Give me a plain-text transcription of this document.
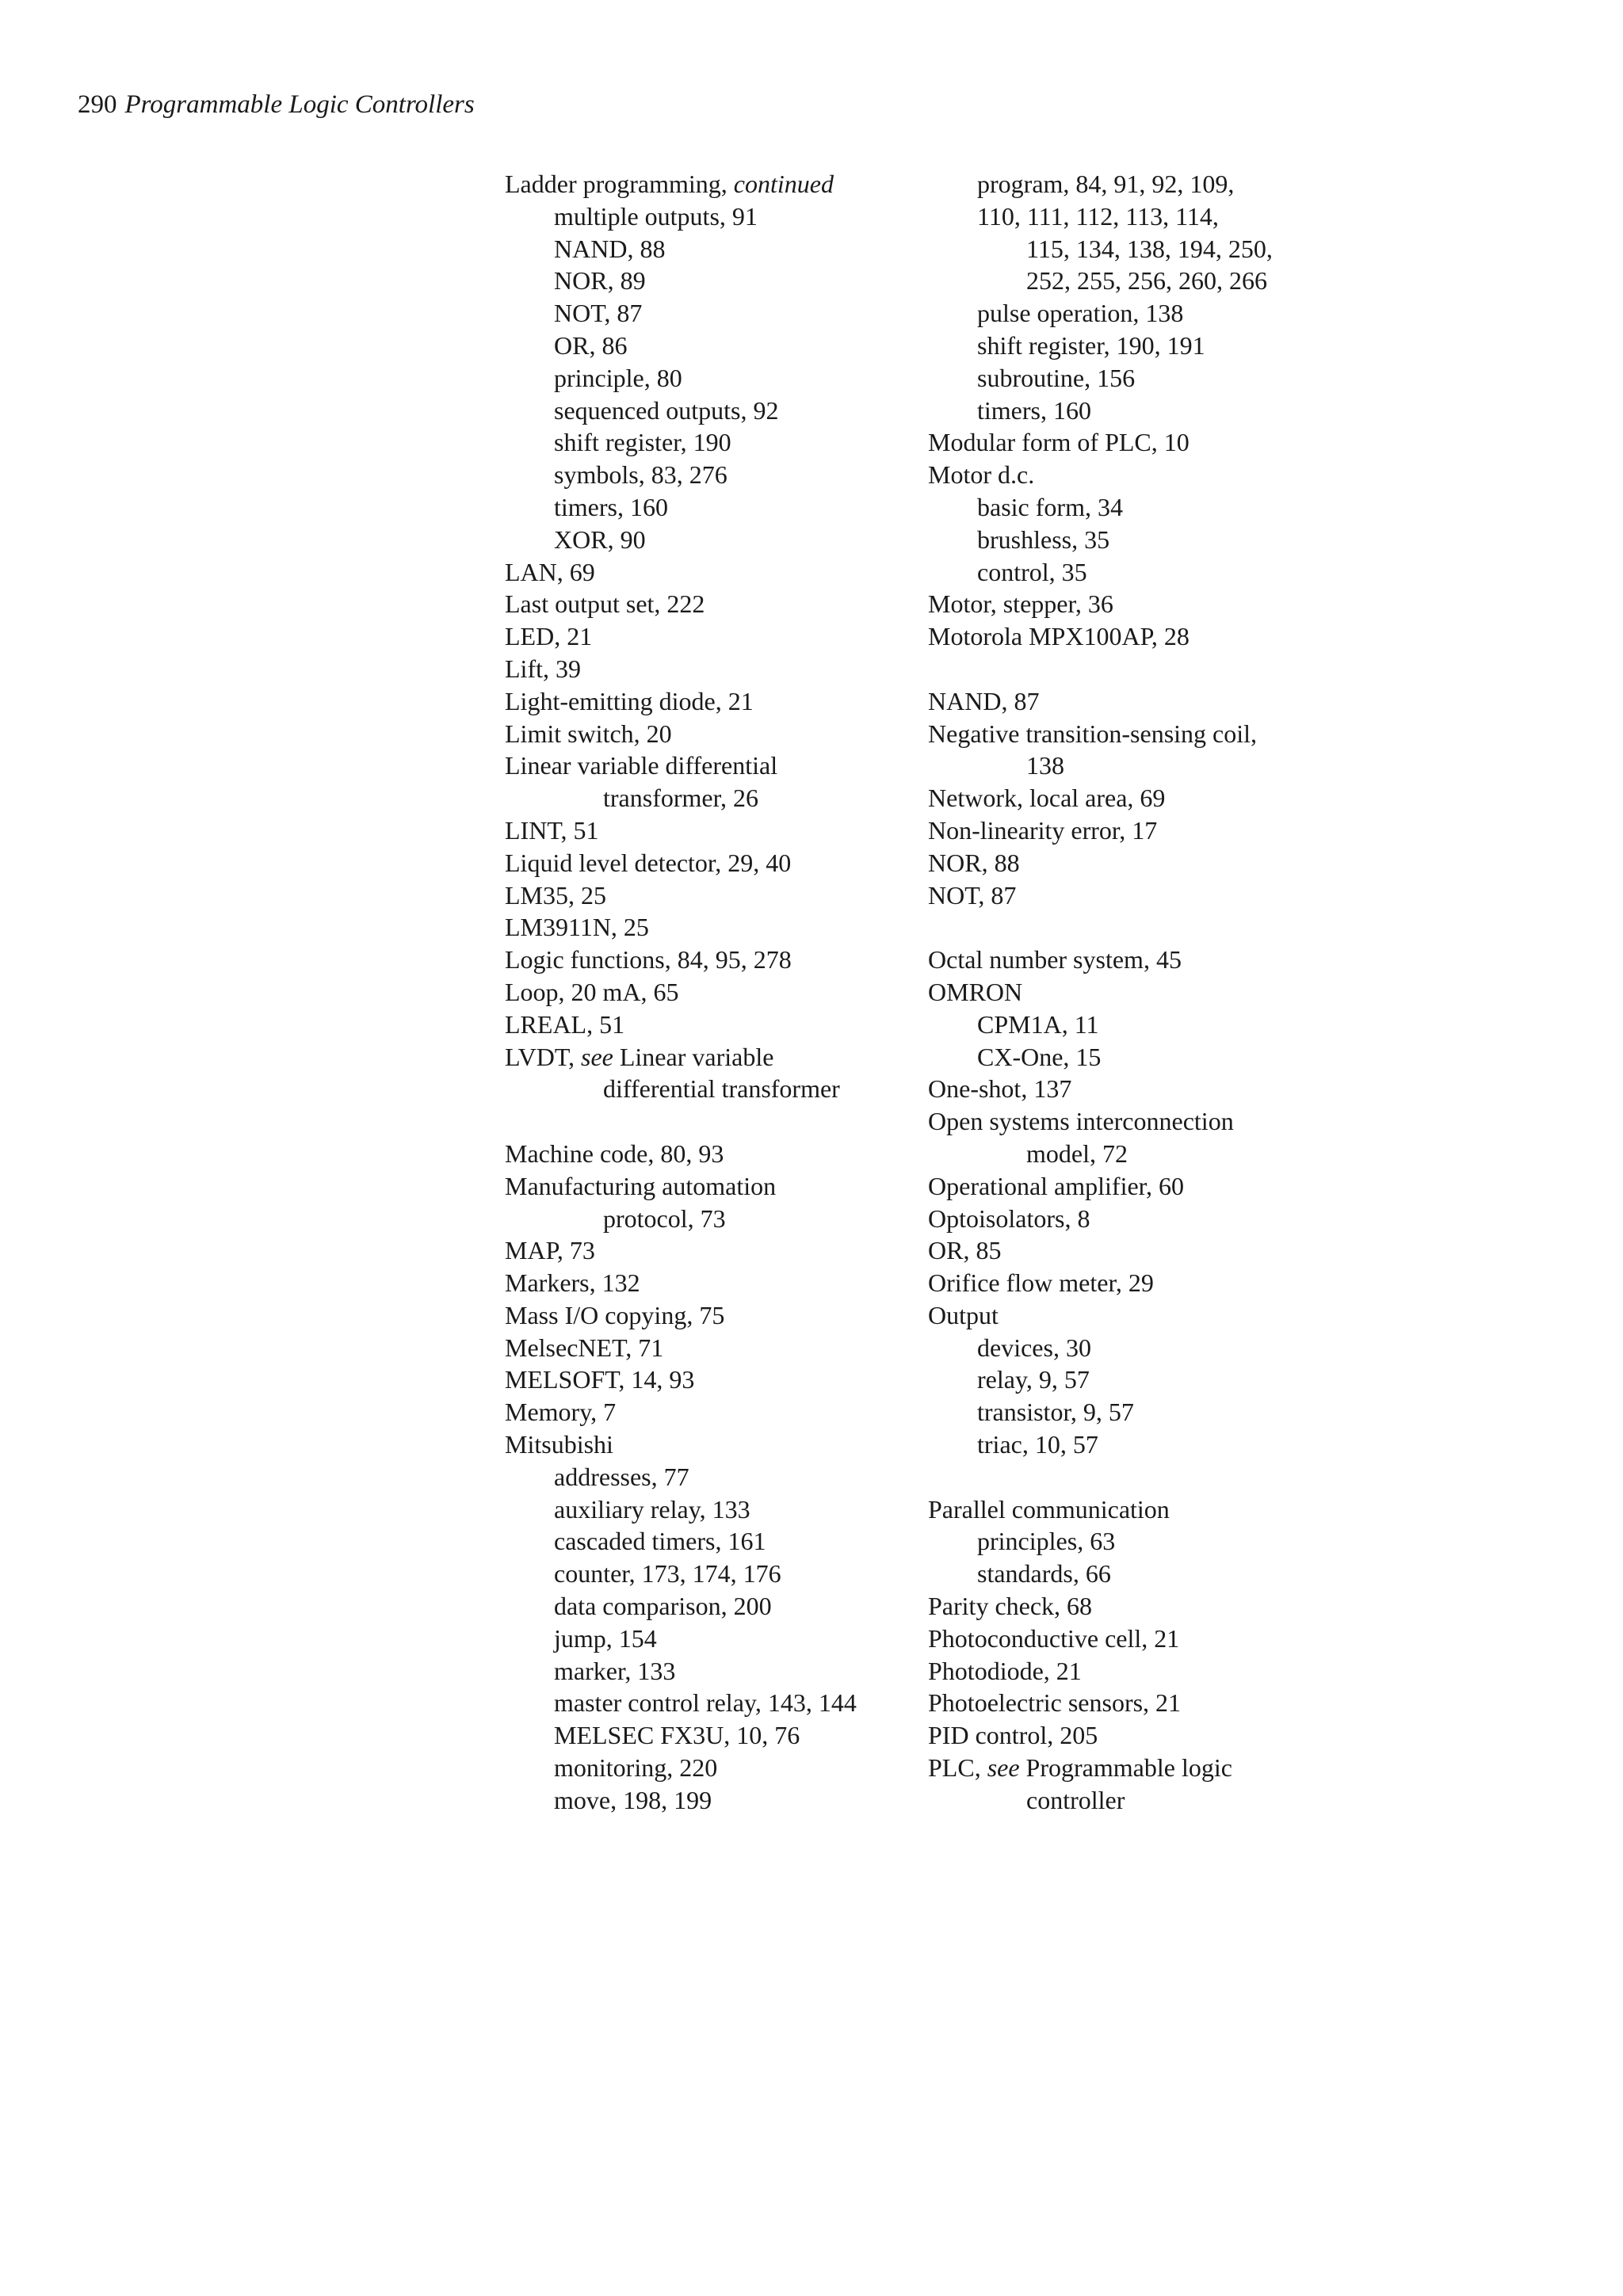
290 Programmable Logic Controllers
Ladder programming, continued
multiple outputs, 91
NAND, 88
NOR, 89
NOT, 87
OR, 86
principle, 80
sequenced outputs, 92
shift register, 190
symbols, 83, 276
timers, 160
XOR, 90
LAN, 69
Last output set, 222
LED, 21
Lift, 39
Light-emitting diode, 21
Limit switch, 20
Linear variable differential
transformer, 26
LINT, 51
Liquid level detector, 29, 40
LM35, 25
LM3911N, 25
Logic functions, 84, 95, 278
Loop, 20 mA, 65
LREAL, 51
LVDT, see Linear variable
differential transformer
Machine code, 80, 93
Manufacturing automation
protocol, 73
MAP, 73
Markers, 132
Mass I/O copying, 75
MelsecNET, 71
MELSOFT, 14, 93
Memory, 7
Mitsubishi
addresses, 77
auxiliary relay, 133
cascaded timers, 161
counter, 173, 174, 176
data comparison, 200
jump, 154
marker, 133
master control relay, 143, 144
MELSEC FX3U, 10, 76
monitoring, 220
move, 198, 199
program, 84, 91, 92, 109,
110, 111, 112, 113, 114,
115, 134, 138, 194, 250,
252, 255, 256, 260, 266
pulse operation, 138
shift register, 190, 191
subroutine, 156
timers, 160
Modular form of PLC, 10
Motor d.c.
basic form, 34
brushless, 35
control, 35
Motor, stepper, 36
Motorola MPX100AP, 28
NAND, 87
Negative transition-sensing coil,
138
Network, local area, 69
Non-linearity error, 17
NOR, 88
NOT, 87
Octal number system, 45
OMRON
CPM1A, 11
CX-One, 15
One-shot, 137
Open systems interconnection
model, 72
Operational amplifier, 60
Optoisolators, 8
OR, 85
Orifice flow meter, 29
Output
devices, 30
relay, 9, 57
transistor, 9, 57
triac, 10, 57
Parallel communication
principles, 63
standards, 66
Parity check, 68
Photoconductive cell, 21
Photodiode, 21
Photoelectric sensors, 21
PID control, 205
PLC, see Programmable logic
controller
